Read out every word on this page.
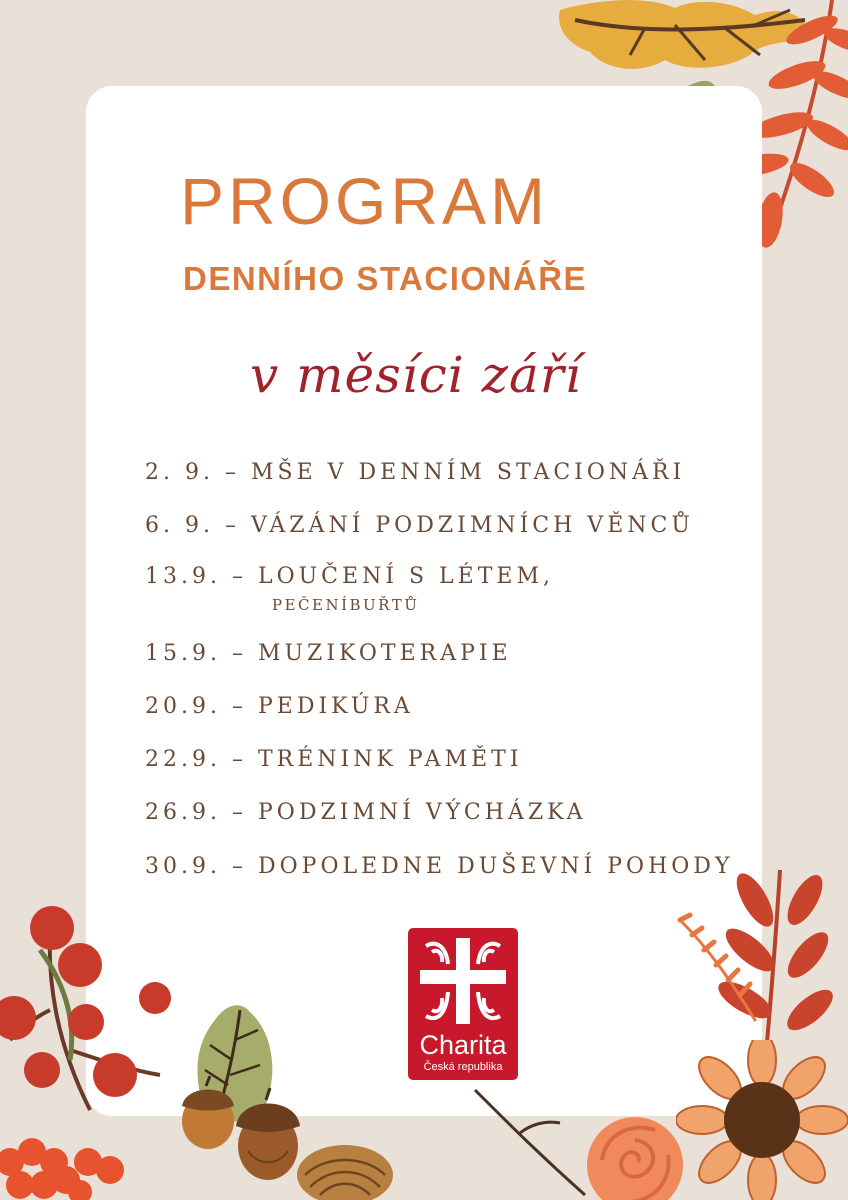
PROGRAM
DENNÍHO STACIONÁŘE

v měsíci září

2. 9. – MŠE V DENNÍM STACIONÁŘI
6. 9. – VÁZÁNÍ PODZIMNÍCH VĚNCŮ
13.9. – LOUČENÍ S LÉTEM,
PEČENÍBUŘTŮ
15.9. – MUZIKOTERAPIE
20.9. – PEDIKÚRA
22.9. – TRÉNINK PAMĚTI
26.9. – PODZIMNÍ VÝCHÁZKA
30.9. – DOPOLEDNE DUŠEVNÍ POHODY
Charita
Česká republika
